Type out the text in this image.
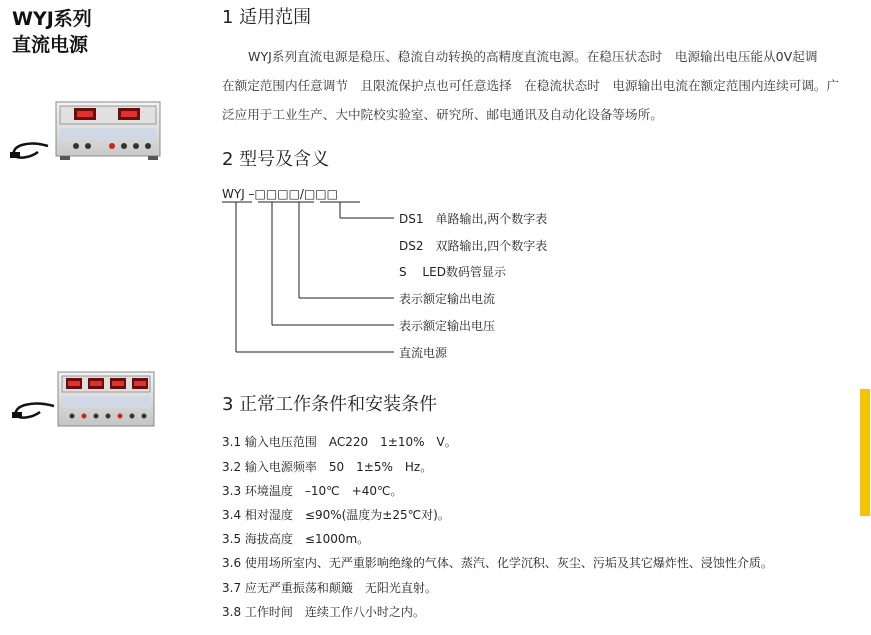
WYJ系列
直流电源
1 适用范围
WYJ系列直流电源是稳压、稳流自动转换的高精度直流电源。在稳压状态时　电源输出电压能从0V起调　在额定范围内任意调节　且限流保护点也可任意选择　在稳流状态时　电源输出电流在额定范围内连续可调。广泛应用于工业生产、大中院校实验室、研究所、邮电通讯及自动化设备等场所。
2 型号及含义
WYJ –□□□□/□□□
DS1　单路输出,两个数字表
DS2　双路输出,四个数字表
S　 LED数码管显示
表示额定输出电流
表示额定输出电压
直流电源
3 正常工作条件和安装条件
3.1 输入电压范围　AC220　1±10%　V。
3.2 输入电源频率　50　1±5%　Hz。
3.3 环境温度　–10℃　+40℃。
3.4 相对湿度　≤90%(温度为±25℃对)。
3.5 海拔高度　≤1000m。
3.6 使用场所室内、无严重影响绝缘的气体、蒸汽、化学沉积、灰尘、污垢及其它爆炸性、浸蚀性介质。
3.7 应无严重振荡和颠簸　无阳光直射。
3.8 工作时间　连续工作八小时之内。
